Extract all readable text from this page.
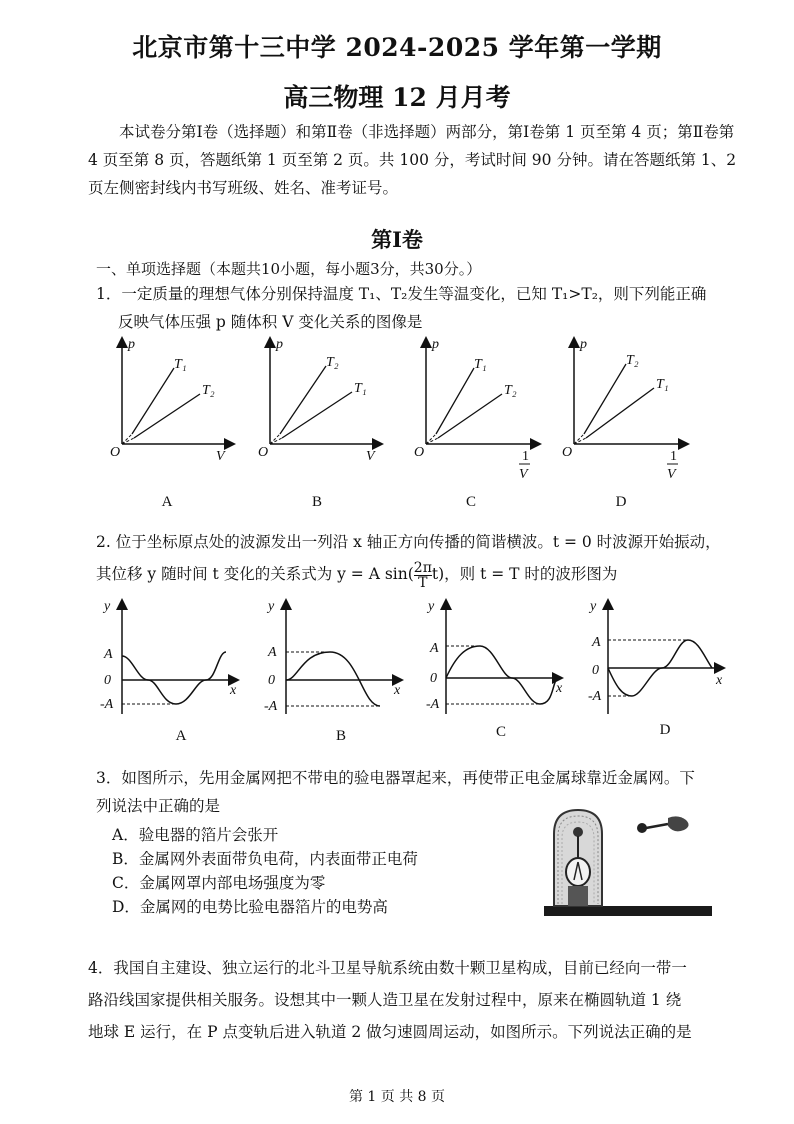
北京市第十三中学 2024-2025 学年第一学期
高三物理 12 月月考
本试卷分第Ⅰ卷（选择题）和第Ⅱ卷（非选择题）两部分，第Ⅰ卷第 1 页至第 4 页；第Ⅱ卷第 4 页至第 8 页，答题纸第 1 页至第 2 页。共 100 分，考试时间 90 分钟。请在答题纸第 1、2 页左侧密封线内书写班级、姓名、准考证号。
第Ⅰ卷
一、单项选择题（本题共10小题，每小题3分，共30分。）
1．一定质量的理想气体分别保持温度 T₁、T₂发生等温变化，已知 T₁>T₂，则下列能正确
反映气体压强 p 随体积 V 变化关系的图像是
p
O	V
T₁
T₂
p
O	V
T₂
T₁
p
O	1
V
T₁
T₂
p
O	1
V
T₂
T₁
A	B	C	D
2. 位于坐标原点处的波源发出一列沿 x 轴正方向传播的简谐横波。t = 0 时波源开始振动，
其位移 y 随时间 t 变化的关系式为 y = A $\sin( \frac{2\pi}{T} t)$，则 t = T 时的波形图为
y
A
0
-A
x
y
A
0
-A
x
y
A
0
-A
x
y
A
0
-A
x
A	B	C	D
3．如图所示，先用金属网把不带电的验电器罩起来，再使带正电金属球靠近金属网。下
列说法中正确的是
A．验电器的箔片会张开
B．金属网外表面带负电荷，内表面带正电荷
C．金属网罩内部电场强度为零
D．金属网的电势比验电器箔片的电势高
4．我国自主建设、独立运行的北斗卫星导航系统由数十颗卫星构成，目前已经向一带一
路沿线国家提供相关服务。设想其中一颗人造卫星在发射过程中，原来在椭圆轨道 1 绕
地球 E 运行，在 P 点变轨后进入轨道 2 做匀速圆周运动，如图所示。下列说法正确的是
第 1 页 共 8 页
